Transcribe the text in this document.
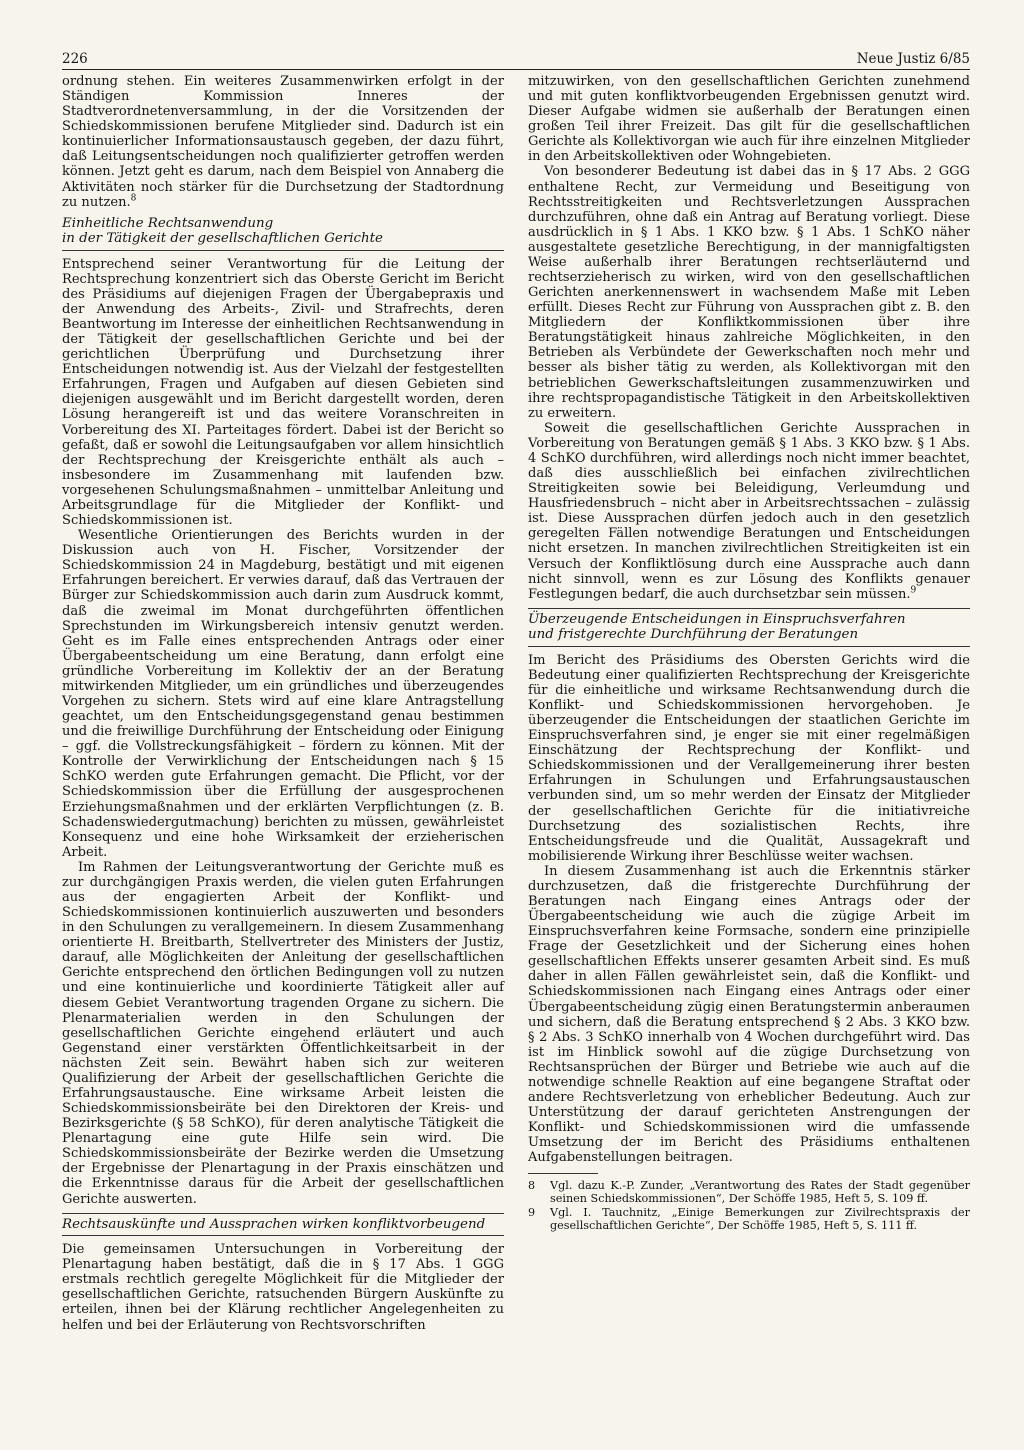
226	Neue Justiz 6/85

ordnung stehen. Ein weiteres Zusammenwirken erfolgt in der Ständigen Kommission Inneres der Stadtverordnetenversammlung, in der die Vorsitzenden der Schiedskommissionen berufene Mitglieder sind. Dadurch ist ein kontinuierlicher Informationsaustausch gegeben, der dazu führt, daß Leitungsentscheidungen noch qualifizierter getroffen werden können. Jetzt geht es darum, nach dem Beispiel von Annaberg die Aktivitäten noch stärker für die Durchsetzung der Stadtordnung zu nutzen.$^8$

Einheitliche Rechtsanwendung

in der Tätigkeit der gesellschaftlichen Gerichte

Entsprechend seiner Verantwortung für die Leitung der Rechtsprechung konzentriert sich das Oberste Gericht im Bericht des Präsidiums auf diejenigen Fragen der Übergabepraxis und der Anwendung des Arbeits-, Zivil- und Strafrechts, deren Beantwortung im Interesse der einheitlichen Rechtsanwendung in der Tätigkeit der gesellschaftlichen Gerichte und bei der gerichtlichen Überprüfung und Durchsetzung ihrer Entscheidungen notwendig ist. Aus der Vielzahl der festgestellten Erfahrungen, Fragen und Aufgaben auf diesen Gebieten sind diejenigen ausgewählt und im Bericht dargestellt worden, deren Lösung herangereift ist und das weitere Voranschreiten in Vorbereitung des XI. Parteitages fördert. Dabei ist der Bericht so gefaßt, daß er sowohl die Leitungsaufgaben vor allem hinsichtlich der Rechtsprechung der Kreisgerichte enthält als auch – insbesondere im Zusammenhang mit laufenden bzw. vorgesehenen Schulungsmaßnahmen – unmittelbar Anleitung und Arbeitsgrundlage für die Mitglieder der Konflikt- und Schiedskommissionen ist.

Wesentliche Orientierungen des Berichts wurden in der Diskussion auch von H. Fischer, Vorsitzender der Schiedskommission 24 in Magdeburg, bestätigt und mit eigenen Erfahrungen bereichert. Er verwies darauf, daß das Vertrauen der Bürger zur Schiedskommission auch darin zum Ausdruck kommt, daß die zweimal im Monat durchgeführten öffentlichen Sprechstunden im Wirkungsbereich intensiv genutzt werden. Geht es im Falle eines entsprechenden Antrags oder einer Übergabeentscheidung um eine Beratung, dann erfolgt eine gründliche Vorbereitung im Kollektiv der an der Beratung mitwirkenden Mitglieder, um ein gründliches und überzeugendes Vorgehen zu sichern. Stets wird auf eine klare Antragstellung geachtet, um den Entscheidungsgegenstand genau bestimmen und die freiwillige Durchführung der Entscheidung oder Einigung – ggf. die Vollstreckungsfähigkeit – fördern zu können. Mit der Kontrolle der Verwirklichung der Entscheidungen nach § 15 SchKO werden gute Erfahrungen gemacht. Die Pflicht, vor der Schiedskommission über die Erfüllung der ausgesprochenen Erziehungsmaßnahmen und der erklärten Verpflichtungen (z. B. Schadenswiedergutmachung) berichten zu müssen, gewährleistet Konsequenz und eine hohe Wirksamkeit der erzieherischen Arbeit.

Im Rahmen der Leitungsverantwortung der Gerichte muß es zur durchgängigen Praxis werden, die vielen guten Erfahrungen aus der engagierten Arbeit der Konflikt- und Schiedskommissionen kontinuierlich auszuwerten und besonders in den Schulungen zu verallgemeinern. In diesem Zusammenhang orientierte H. Breitbarth, Stellvertreter des Ministers der Justiz, darauf, alle Möglichkeiten der Anleitung der gesellschaftlichen Gerichte entsprechend den örtlichen Bedingungen voll zu nutzen und eine kontinuierliche und koordinierte Tätigkeit aller auf diesem Gebiet Verantwortung tragenden Organe zu sichern. Die Plenarmaterialien werden in den Schulungen der gesellschaftlichen Gerichte eingehend erläutert und auch Gegenstand einer verstärkten Öffentlichkeitsarbeit in der nächsten Zeit sein. Bewährt haben sich zur weiteren Qualifizierung der Arbeit der gesellschaftlichen Gerichte die Erfahrungsaustausche. Eine wirksame Arbeit leisten die Schiedskommissionsbeiräte bei den Direktoren der Kreis- und Bezirksgerichte (§ 58 SchKO), für deren analytische Tätigkeit die Plenartagung eine gute Hilfe sein wird. Die Schiedskommissionsbeiräte der Bezirke werden die Umsetzung der Ergebnisse der Plenartagung in der Praxis einschätzen und die Erkenntnisse daraus für die Arbeit der gesellschaftlichen Gerichte auswerten.

Rechtsauskünfte und Aussprachen wirken konfliktvorbeugend

Die gemeinsamen Untersuchungen in Vorbereitung der Plenartagung haben bestätigt, daß die in § 17 Abs. 1 GGG erstmals rechtlich geregelte Möglichkeit für die Mitglieder der gesellschaftlichen Gerichte, ratsuchenden Bürgern Auskünfte zu erteilen, ihnen bei der Klärung rechtlicher Angelegenheiten zu helfen und bei der Erläuterung von Rechtsvorschriften

mitzuwirken, von den gesellschaftlichen Gerichten zunehmend und mit guten konfliktvorbeugenden Ergebnissen genutzt wird. Dieser Aufgabe widmen sie außerhalb der Beratungen einen großen Teil ihrer Freizeit. Das gilt für die gesellschaftlichen Gerichte als Kollektivorgan wie auch für ihre einzelnen Mitglieder in den Arbeitskollektiven oder Wohngebieten.

Von besonderer Bedeutung ist dabei das in § 17 Abs. 2 GGG enthaltene Recht, zur Vermeidung und Beseitigung von Rechtsstreitigkeiten und Rechtsverletzungen Aussprachen durchzuführen, ohne daß ein Antrag auf Beratung vorliegt. Diese ausdrücklich in § 1 Abs. 1 KKO bzw. § 1 Abs. 1 SchKO näher ausgestaltete gesetzliche Berechtigung, in der mannigfaltigsten Weise außerhalb ihrer Beratungen rechtserläuternd und rechtserzieherisch zu wirken, wird von den gesellschaftlichen Gerichten anerkennenswert in wachsendem Maße mit Leben erfüllt. Dieses Recht zur Führung von Aussprachen gibt z. B. den Mitgliedern der Konfliktkommissionen über ihre Beratungstätigkeit hinaus zahlreiche Möglichkeiten, in den Betrieben als Verbündete der Gewerkschaften noch mehr und besser als bisher tätig zu werden, als Kollektivorgan mit den betrieblichen Gewerkschaftsleitungen zusammenzuwirken und ihre rechtspropagandistische Tätigkeit in den Arbeitskollektiven zu erweitern.

Soweit die gesellschaftlichen Gerichte Aussprachen in Vorbereitung von Beratungen gemäß § 1 Abs. 3 KKO bzw. § 1 Abs. 4 SchKO durchführen, wird allerdings noch nicht immer beachtet, daß dies ausschließlich bei einfachen zivilrechtlichen Streitigkeiten sowie bei Beleidigung, Verleumdung und Hausfriedensbruch – nicht aber in Arbeitsrechtssachen – zulässig ist. Diese Aussprachen dürfen jedoch auch in den gesetzlich geregelten Fällen notwendige Beratungen und Entscheidungen nicht ersetzen. In manchen zivilrechtlichen Streitigkeiten ist ein Versuch der Konfliktlösung durch eine Aussprache auch dann nicht sinnvoll, wenn es zur Lösung des Konflikts genauer Festlegungen bedarf, die auch durchsetzbar sein müssen.$^9$

Überzeugende Entscheidungen in Einspruchsverfahren

und fristgerechte Durchführung der Beratungen

Im Bericht des Präsidiums des Obersten Gerichts wird die Bedeutung einer qualifizierten Rechtsprechung der Kreisgerichte für die einheitliche und wirksame Rechtsanwendung durch die Konflikt- und Schiedskommissionen hervorgehoben. Je überzeugender die Entscheidungen der staatlichen Gerichte im Einspruchsverfahren sind, je enger sie mit einer regelmäßigen Einschätzung der Rechtsprechung der Konflikt- und Schiedskommissionen und der Verallgemeinerung ihrer besten Erfahrungen in Schulungen und Erfahrungsaustauschen verbunden sind, um so mehr werden der Einsatz der Mitglieder der gesellschaftlichen Gerichte für die initiativreiche Durchsetzung des sozialistischen Rechts, ihre Entscheidungsfreude und die Qualität, Aussagekraft und mobilisierende Wirkung ihrer Beschlüsse weiter wachsen.

In diesem Zusammenhang ist auch die Erkenntnis stärker durchzusetzen, daß die fristgerechte Durchführung der Beratungen nach Eingang eines Antrags oder der Übergabeentscheidung wie auch die zügige Arbeit im Einspruchsverfahren keine Formsache, sondern eine prinzipielle Frage der Gesetzlichkeit und der Sicherung eines hohen gesellschaftlichen Effekts unserer gesamten Arbeit sind. Es muß daher in allen Fällen gewährleistet sein, daß die Konflikt- und Schiedskommissionen nach Eingang eines Antrags oder einer Übergabeentscheidung zügig einen Beratungstermin anberaumen und sichern, daß die Beratung entsprechend § 2 Abs. 3 KKO bzw. § 2 Abs. 3 SchKO innerhalb von 4 Wochen durchgeführt wird. Das ist im Hinblick sowohl auf die zügige Durchsetzung von Rechtsansprüchen der Bürger und Betriebe wie auch auf die notwendige schnelle Reaktion auf eine begangene Straftat oder andere Rechtsverletzung von erheblicher Bedeutung. Auch zur Unterstützung der darauf gerichteten Anstrengungen der Konflikt- und Schiedskommissionen wird die umfassende Umsetzung der im Bericht des Präsidiums enthaltenen Aufgabenstellungen beitragen.

8	Vgl. dazu K.-P. Zunder, „Verantwortung des Rates der Stadt gegenüber seinen Schiedskommissionen“, Der Schöffe 1985, Heft 5, S. 109 ff.
9	Vgl. I. Tauchnitz, „Einige Bemerkungen zur Zivilrechtspraxis der gesellschaftlichen Gerichte“, Der Schöffe 1985, Heft 5, S. 111 ff.
